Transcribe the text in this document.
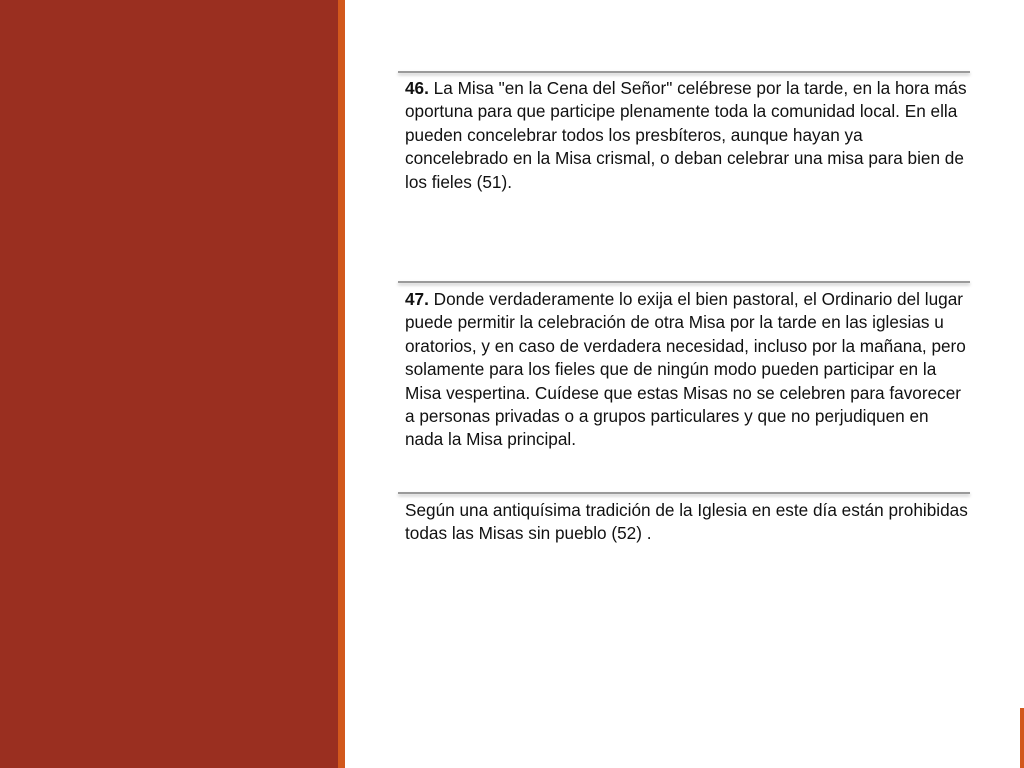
46. La Misa "en la Cena del Señor" celébrese por la tarde, en la hora más oportuna para que participe plenamente toda la comunidad local. En ella pueden concelebrar todos los presbíteros, aunque hayan ya concelebrado en la Misa crismal, o deban celebrar una misa para bien de los fieles (51).

47. Donde verdaderamente lo exija el bien pastoral, el Ordinario del lugar puede permitir la celebración de otra Misa por la tarde en las iglesias u oratorios, y en caso de verdadera necesidad, incluso por la mañana, pero solamente para los fieles que de ningún modo pueden participar en la Misa vespertina. Cuídese que estas Misas no se celebren para favorecer a personas privadas o a grupos particulares y que no perjudiquen en nada la Misa principal.

Según una antiquísima tradición de la Iglesia en este día están prohibidas todas las Misas sin pueblo (52) .
